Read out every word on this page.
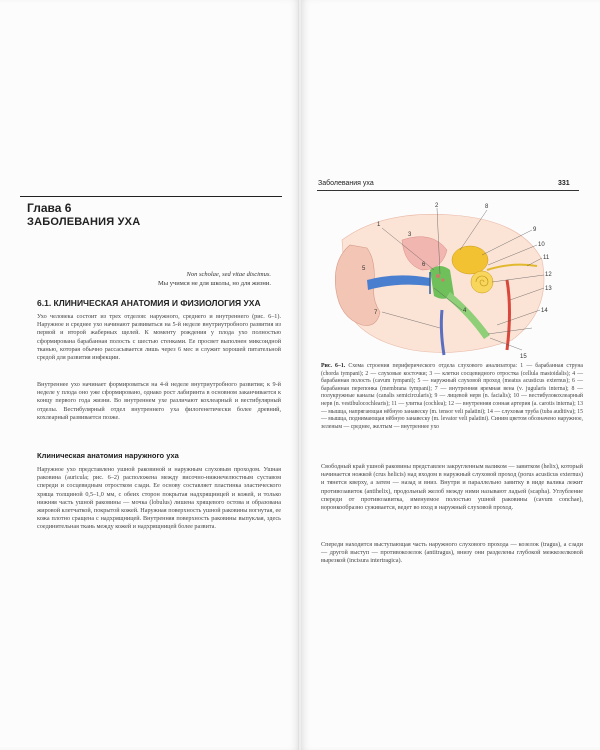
Глава 6
ЗАБОЛЕВАНИЯ УХА
Non scholae, sed vitae discimus.
Мы учимся не для школы, но для жизни.
6.1. КЛИНИЧЕСКАЯ АНАТОМИЯ И ФИЗИОЛОГИЯ УХА
Ухо человека состоит из трех отделов: наружного, среднего и внутреннего (рис. 6–1). Наружное и среднее ухо начинают развиваться на 5-й неделе внутриутробного развития из первой и второй жаберных щелей. К моменту рождения у плода ухо полностью сформирована барабанная полость с шестью стенками. Ее просвет выполнен миксоидной тканью, которая обычно рассасывается лишь через 6 мес и служит хорошей питательной средой для развития инфекции.
Внутреннее ухо начинает формироваться на 4-й неделе внутриутробного развития; к 9-й неделе у плода оно уже сформировано, однако рост лабиринта в основном заканчивается к концу первого года жизни. Во внутреннем ухе различают кохлеарный и вестибулярный отделы. Вестибулярный отдел внутреннего уха филогенетически более древний, кохлеарный развивается позже.
Клиническая анатомия наружного уха
Наружное ухо представлено ушной раковиной и наружным слуховым проходом. Ушная раковина (auricula; рис. 6–2) расположена между височно-нижнечелюстным суставом спереди и сосцевидным отростком сзади. Ее основу составляет пластинка эластического хряща толщиной 0,5–1,0 мм, с обеих сторон покрытая надхрящницей и кожей, и только нижняя часть ушной раковины — мочка (lobulus) лишена хрящевого остова и образована жировой клетчаткой, покрытой кожей. Наружная поверхность ушной раковины вогнутая, ее кожа плотно сращена с надхрящницей. Внутренняя поверхность раковины выпуклая, здесь соединительная ткань между кожей и надхрящницей более развита.
Заболевания уха	331
1
2	8
9
10
11
12
13
14
15
7
5
6
3
4
Рис. 6–1. Схема строения периферического отдела слухового анализатора: 1 — барабанная струна (chorda tympani); 2 — слуховые косточки; 3 — клетки сосцевидного отростка (cellula mastoidalis); 4 — барабанная полость (cavum tympani); 5 — наружный слуховой проход (meatus acusticus externus); 6 — барабанная перепонка (membrana tympani); 7 — внутренняя яремная вена (v. jugularis interna); 8 — полукружные каналы (canalis semicircularis); 9 — лицевой нерв (n. facialis); 10 — вестибулокохлеарный нерв (n. vestibulocochlearis); 11 — улитка (cochlea); 12 — внутренняя сонная артерия (a. carotis interna); 13 — мышца, напрягающая нёбную занавеску (m. tensor veli palatini); 14 — слуховая труба (tuba auditiva); 15 — мышца, поднимающая нёбную занавеску (m. levator veli palatini). Синим цветом обозначено наружное, зеленым — среднее, желтым — внутреннее ухо
Свободный край ушной раковины представлен закругленным валиком — завитком (helix), который начинается ножкой (crus helicis) над входом в наружный слуховой проход (porus acusticus externus) и тянется кверху, а затем — назад и вниз. Внутри и параллельно завитку в виде валика лежит противозавиток (antihelix), продольный желоб между ними называют ладьей (scapha). Углубление спереди от противозавитка, именуемое полостью ушной раковины (cavum conchae), воронкообразно суживается, ведет во вход в наружный слуховой проход.
Спереди находится выступающая часть наружного слухового прохода — козелок (tragus), а сзади — другой выступ — противокозелок (antitragus), внизу они разделены глубокой межкозелковой вырезкой (incisura intertragica).
